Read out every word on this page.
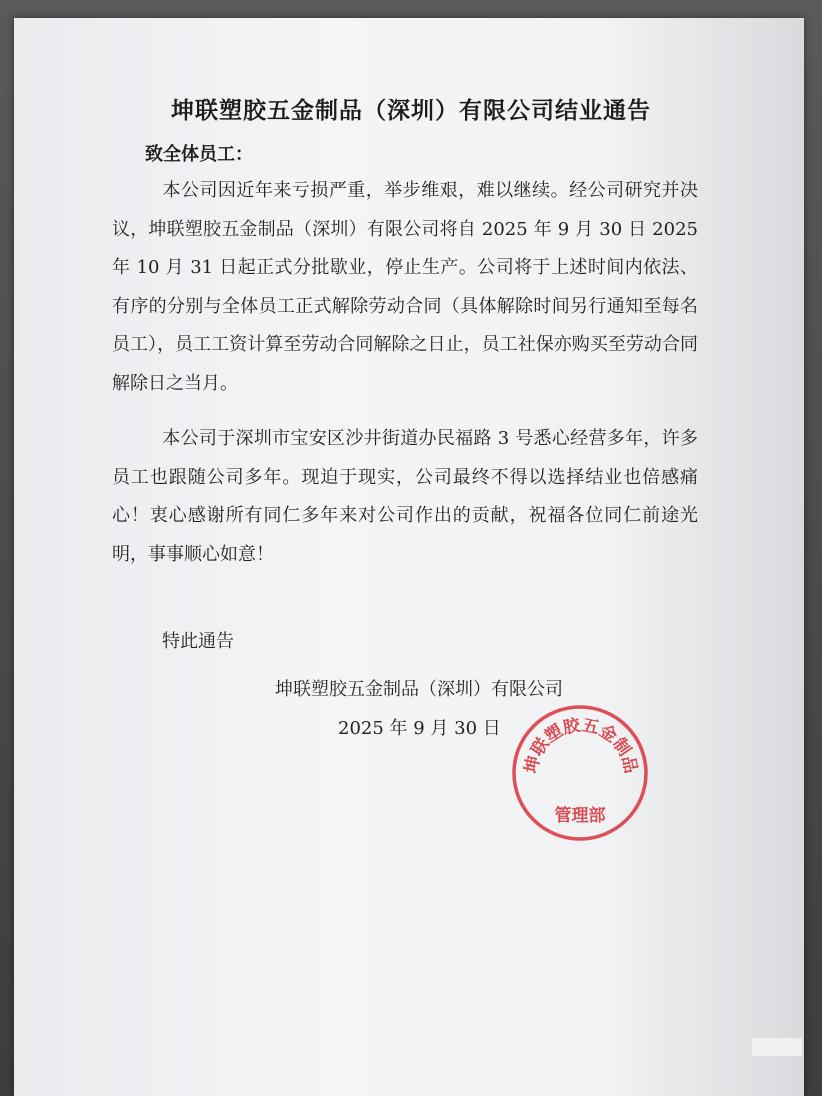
坤联塑胶五金制品（深圳）有限公司结业通告
致全体员工：

本公司因近年来亏损严重，举步维艰，难以继续。经公司研究并决议，坤联塑胶五金制品（深圳）有限公司将自 2025 年 9 月 30 日 2025 年 10 月 31 日起正式分批歇业，停止生产。公司将于上述时间内依法、有序的分别与全体员工正式解除劳动合同（具体解除时间另行通知至每名员工），员工工资计算至劳动合同解除之日止，员工社保亦购买至劳动合同解除日之当月。

本公司于深圳市宝安区沙井街道办民福路 3 号悉心经营多年，许多员工也跟随公司多年。现迫于现实，公司最终不得以选择结业也倍感痛心！衷心感谢所有同仁多年来对公司作出的贡献，祝福各位同仁前途光明，事事顺心如意！

特此通告
坤联塑胶五金制品（深圳）有限公司
2025 年 9 月 30 日
坤联塑胶五金制品
管理部
